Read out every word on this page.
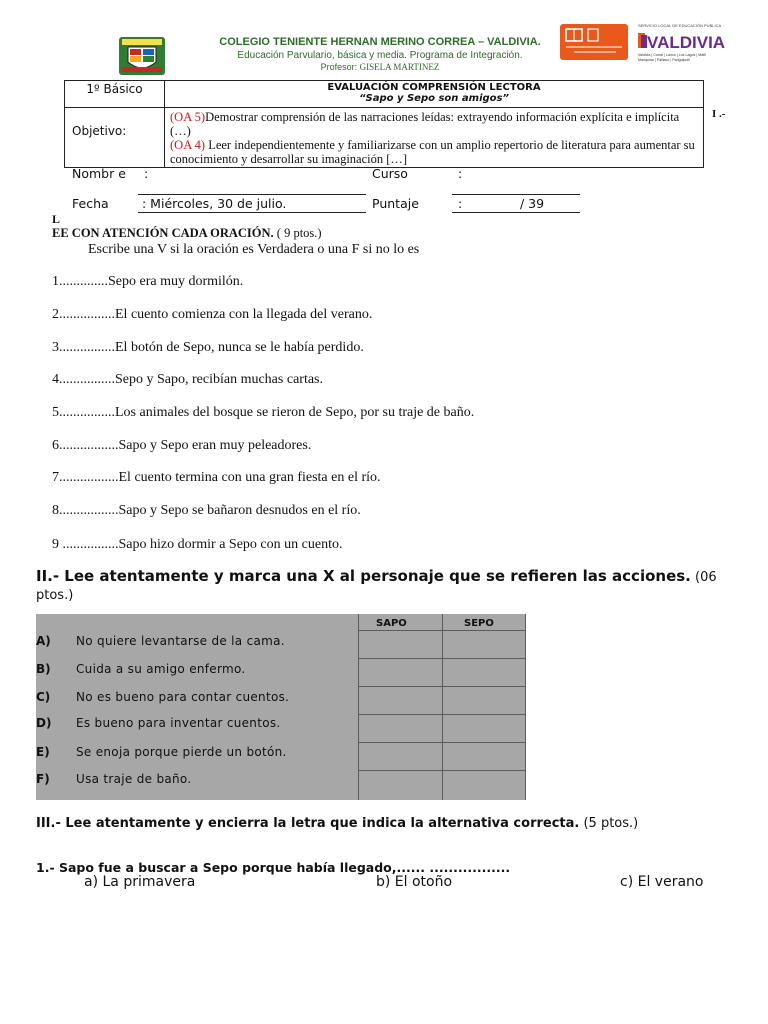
COLEGIO TENIENTE HERNAN MERINO CORREA – VALDIVIA.
Educación Parvulario, básica y media. Programa de Integración.
Profesor: GISELA MARTINEZ
SERVICIO LOCAL DE EDUCACIÓN PÚBLICA
VALDIVIA
Valdivia | Corral | Lanco | Los Lagos | Máfil
Mariquina | Paillaco | Panguipulli
1º Básico	EVALUACIÓN COMPRENSIÓN LECTORA
“Sapo y Sepo son amigos”
Objetivo:
(OA 5)Demostrar comprensión de las narraciones leídas: extrayendo información explícita e implícita (…)
(OA 4) Leer independientemente y familiarizarse con un amplio repertorio de literatura para aumentar su conocimiento y desarrollar su imaginación […]
I .-
Nombr e :	Curso	:
Fecha	: Miércoles, 30 de julio.	Puntaje	:	/ 39
L
EE CON ATENCIÓN CADA ORACIÓN. ( 9 ptos.)
Escribe una V si la oración es Verdadera o una F si no lo es
1..............Sepo era muy dormilón.
2................El cuento comienza con la llegada del verano.
3................El botón de Sepo, nunca se le había perdido.
4................Sepo y Sapo, recibían muchas cartas.
5................Los animales del bosque se rieron de Sepo, por su traje de baño.
6.................Sapo y Sepo eran muy peleadores.
7.................El cuento termina con una gran fiesta en el río.
8.................Sapo y Sepo se bañaron desnudos en el río.
9 ................Sapo hizo dormir a Sepo con un cuento.
II.- Lee atentamente y marca una X al personaje que se refieren las acciones. (06 ptos.)
SAPO	SEPO
A) No quiere levantarse de la cama.
B) Cuida a su amigo enfermo.
C) No es bueno para contar cuentos.
D) Es bueno para inventar cuentos.
E) Se enoja porque pierde un botón.
F) Usa traje de baño.
III.- Lee atentamente y encierra la letra que indica la alternativa correcta. (5 ptos.)
1.- Sapo fue a buscar a Sepo porque había llegado,...... .................
a) La primavera	b) El otoño	c) El verano
